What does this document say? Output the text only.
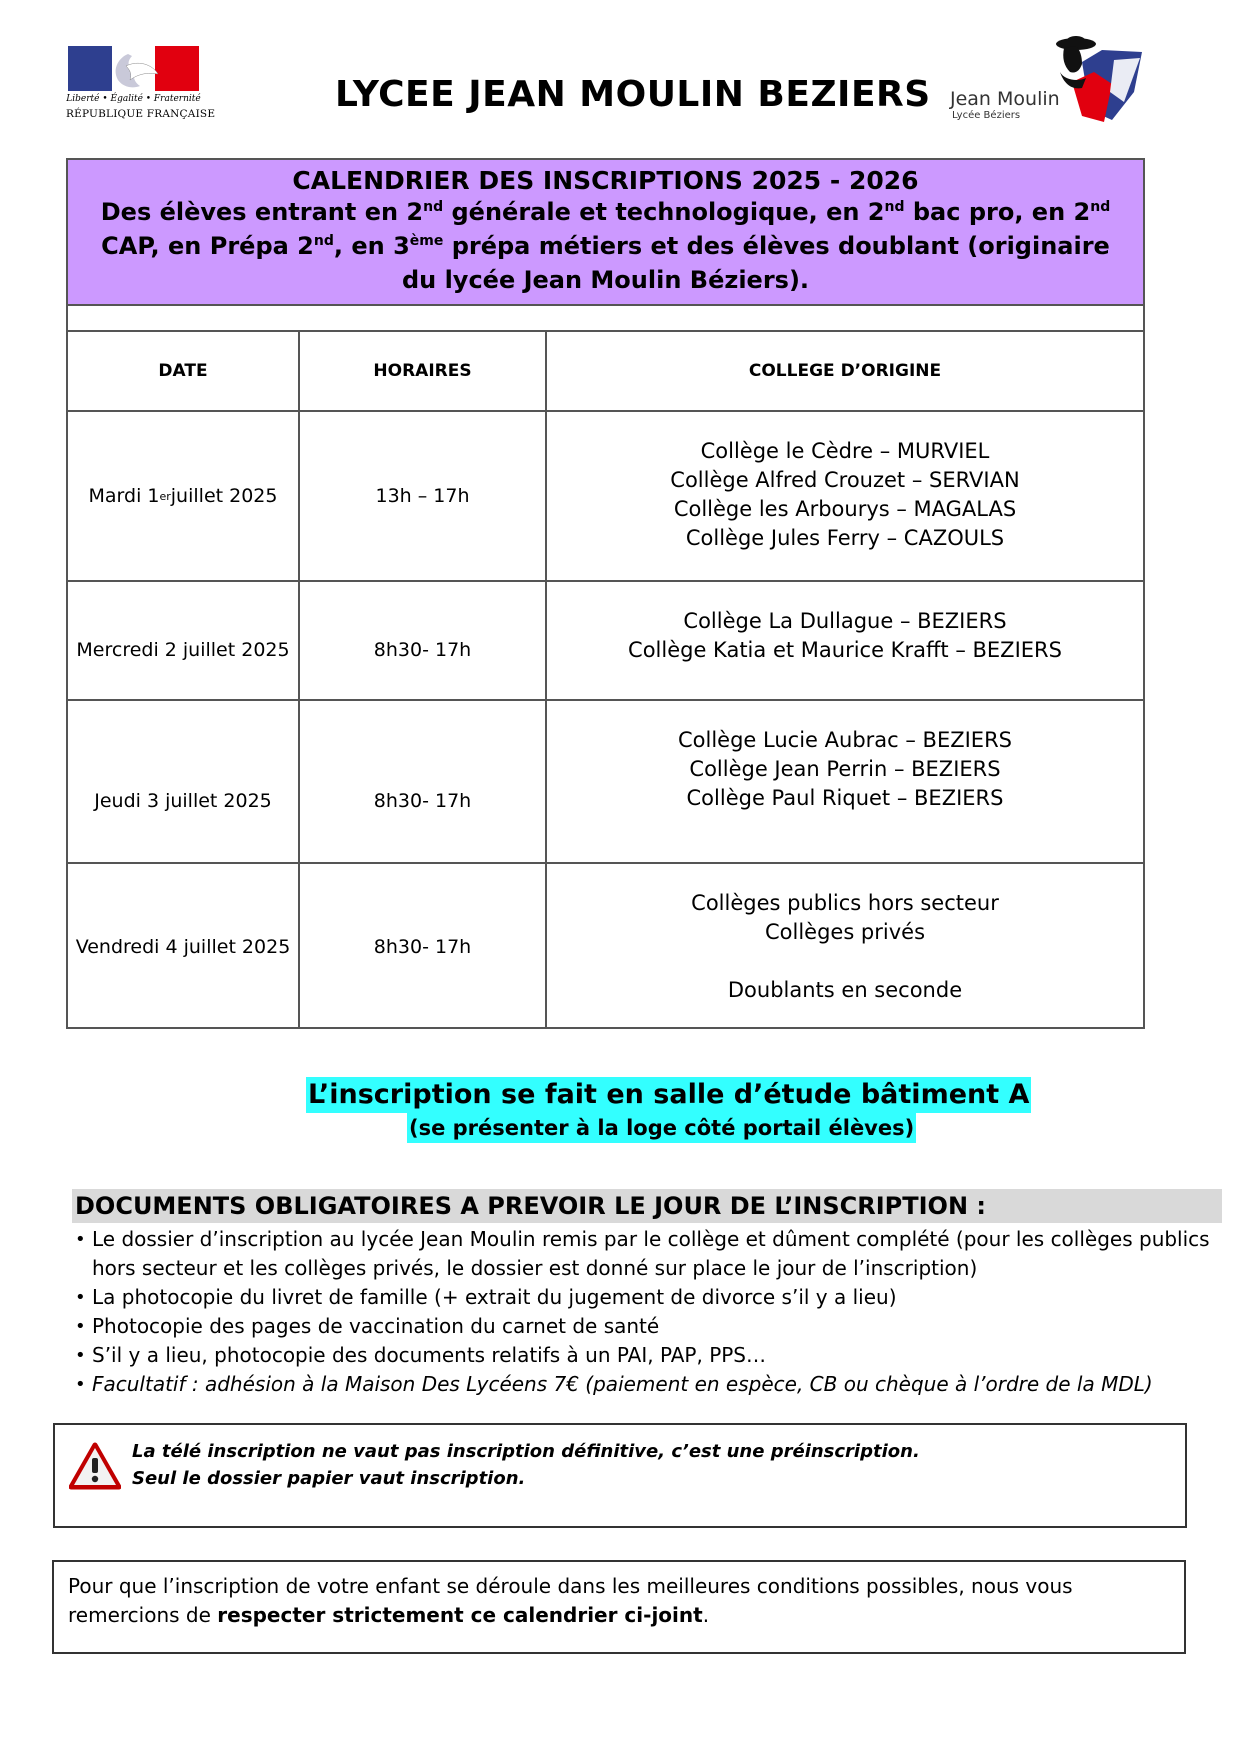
Liberté • Égalité • Fraternité
RÉPUBLIQUE FRANÇAISE	LYCEE JEAN MOULIN BEZIERS	Jean Moulin
Lycée Béziers
CALENDRIER DES INSCRIPTIONS 2025 - 2026
Des élèves entrant en 2nd générale et technologique, en 2nd bac pro, en 2nd
CAP, en Prépa 2nd, en 3ème prépa métiers et des élèves doublant (originaire
du lycée Jean Moulin Béziers).
DATE	HORAIRES	COLLEGE D’ORIGINE
Mardi 1 er juillet 2025	13h – 17h
Collège le Cèdre – MURVIEL
Collège Alfred Crouzet – SERVIAN
Collège les Arbourys – MAGALAS
Collège Jules Ferry – CAZOULS
Mercredi 2 juillet 2025	8h30- 17h
Collège La Dullague – BEZIERS
Collège Katia et Maurice Krafft – BEZIERS
Jeudi 3 juillet 2025	8h30- 17h
Collège Lucie Aubrac – BEZIERS
Collège Jean Perrin – BEZIERS
Collège Paul Riquet – BEZIERS
Vendredi 4 juillet 2025	8h30- 17h
Collèges publics hors secteur
Collèges privés
Doublants en seconde
L’inscription se fait en salle d’étude bâtiment A
(se présenter à la loge côté portail élèves)
DOCUMENTS OBLIGATOIRES A PREVOIR LE JOUR DE L’INSCRIPTION :
• Le dossier d’inscription au lycée Jean Moulin remis par le collège et dûment complété (pour les collèges publics hors secteur et les collèges privés, le dossier est donné sur place le jour de l’inscription)
• La photocopie du livret de famille (+ extrait du jugement de divorce s’il y a lieu)
• Photocopie des pages de vaccination du carnet de santé
• S’il y a lieu, photocopie des documents relatifs à un PAI, PAP, PPS…
• Facultatif : adhésion à la Maison Des Lycéens 7€ (paiement en espèce, CB ou chèque à l’ordre de la MDL)
La télé inscription ne vaut pas inscription définitive, c’est une préinscription.
Seul le dossier papier vaut inscription.
Pour que l’inscription de votre enfant se déroule dans les meilleures conditions possibles, nous vous
remercions de respecter strictement ce calendrier ci-joint.
